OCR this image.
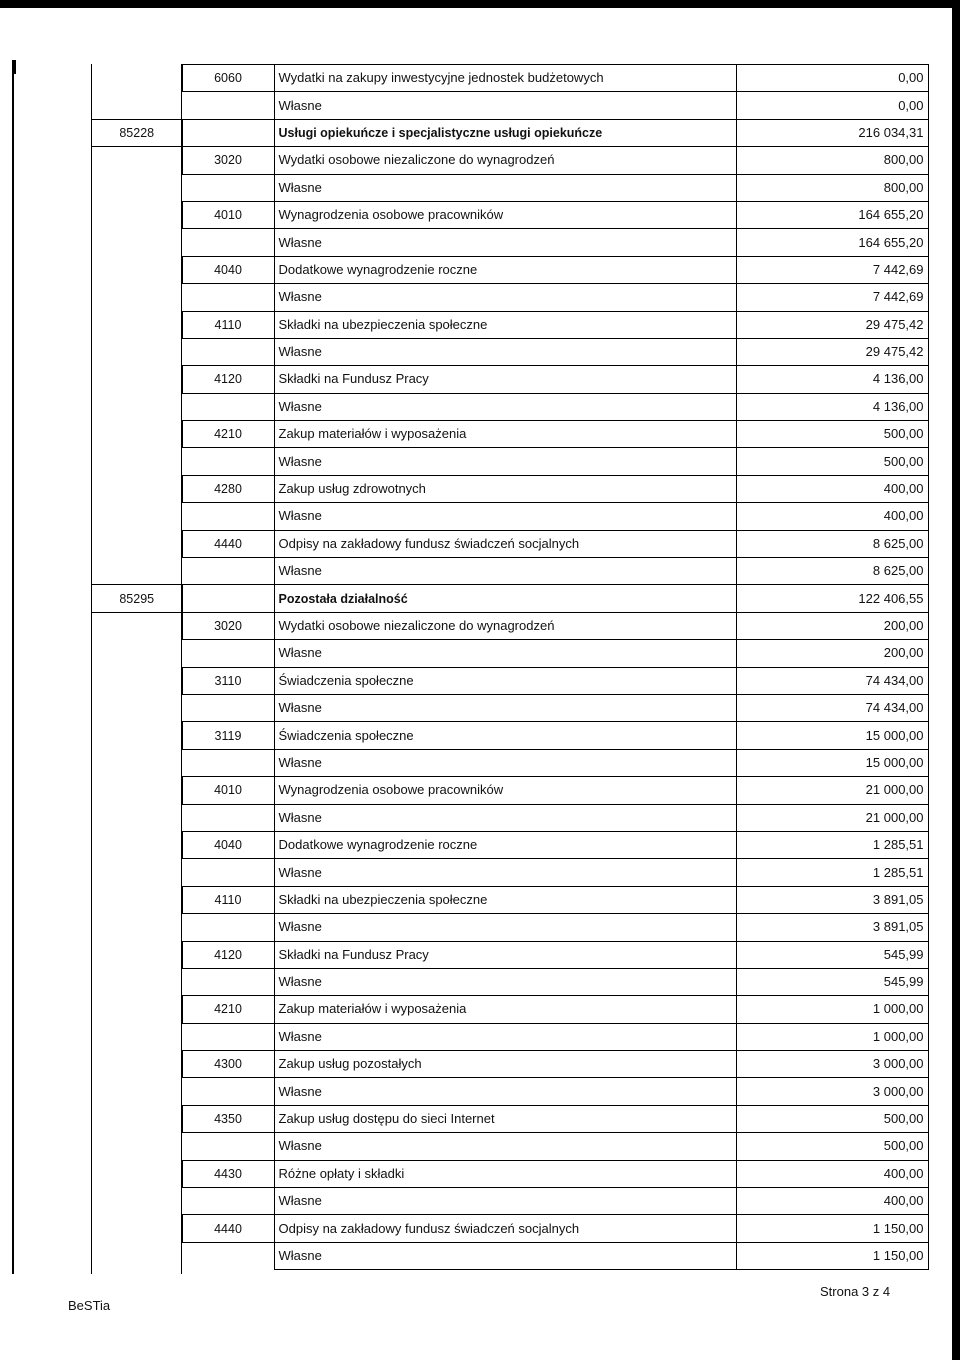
	6060	Wydatki na zakupy inwestycyjne jednostek budżetowych	0,00
		Własne	0,00
85228		Usługi opiekuńcze i specjalistyczne usługi opiekuńcze	216 034,31
	3020	Wydatki osobowe niezaliczone do wynagrodzeń	800,00
		Własne	800,00
	4010	Wynagrodzenia osobowe pracowników	164 655,20
		Własne	164 655,20
	4040	Dodatkowe wynagrodzenie roczne	7 442,69
		Własne	7 442,69
	4110	Składki na ubezpieczenia społeczne	29 475,42
		Własne	29 475,42
	4120	Składki na Fundusz Pracy	4 136,00
		Własne	4 136,00
	4210	Zakup materiałów i wyposażenia	500,00
		Własne	500,00
	4280	Zakup usług zdrowotnych	400,00
		Własne	400,00
	4440	Odpisy na zakładowy fundusz świadczeń socjalnych	8 625,00
		Własne	8 625,00
85295		Pozostała działalność	122 406,55
	3020	Wydatki osobowe niezaliczone do wynagrodzeń	200,00
		Własne	200,00
	3110	Świadczenia społeczne	74 434,00
		Własne	74 434,00
	3119	Świadczenia społeczne	15 000,00
		Własne	15 000,00
	4010	Wynagrodzenia osobowe pracowników	21 000,00
		Własne	21 000,00
	4040	Dodatkowe wynagrodzenie roczne	1 285,51
		Własne	1 285,51
	4110	Składki na ubezpieczenia społeczne	3 891,05
		Własne	3 891,05
	4120	Składki na Fundusz Pracy	545,99
		Własne	545,99
	4210	Zakup materiałów i wyposażenia	1 000,00
		Własne	1 000,00
	4300	Zakup usług pozostałych	3 000,00
		Własne	3 000,00
	4350	Zakup usług dostępu do sieci Internet	500,00
		Własne	500,00
	4430	Różne opłaty i składki	400,00
		Własne	400,00
	4440	Odpisy na zakładowy fundusz świadczeń socjalnych	1 150,00
		Własne	1 150,00
BeSTia
Strona 3 z 4
